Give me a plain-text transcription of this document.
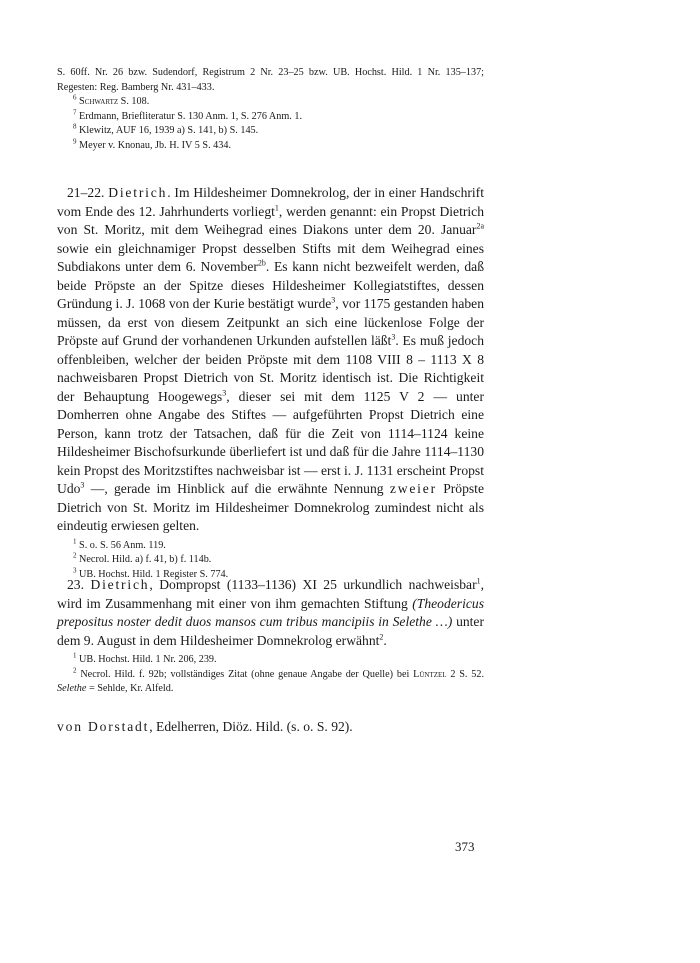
S. 60ff. Nr. 26 bzw. Sudendorf, Registrum 2 Nr. 23–25 bzw. UB. Hochst. Hild. 1 Nr. 135–137; Regesten: Reg. Bamberg Nr. 431–433.

$^6$ Schwartz S. 108.

$^7$ Erdmann, Briefliteratur S. 130 Anm. 1, S. 276 Anm. 1.

$^8$ Klewitz, AUF 16, 1939 a) S. 141, b) S. 145.

$^9$ Meyer v. Knonau, Jb. H. IV 5 S. 434.

21–22. Dietrich. Im Hildesheimer Domnekrolog, der in einer Handschrift vom Ende des 12. Jahrhunderts vorliegt$^1$, werden genannt: ein Propst Dietrich von St. Moritz, mit dem Weihegrad eines Diakons unter dem 20. Januar$^{2a}$ sowie ein gleichnamiger Propst desselben Stifts mit dem Weihegrad eines Subdiakons unter dem 6. November$^{2b}$. Es kann nicht bezweifelt werden, daß beide Pröpste an der Spitze dieses Hildesheimer Kollegiatstiftes, dessen Gründung i. J. 1068 von der Kurie bestätigt wurde$^3$, vor 1175 gestanden haben müssen, da erst von diesem Zeitpunkt an sich eine lückenlose Folge der Pröpste auf Grund der vorhandenen Urkunden aufstellen läßt$^3$. Es muß jedoch offenbleiben, welcher der beiden Pröpste mit dem 1108 VIII 8 – 1113 X 8 nachweisbaren Propst Dietrich von St. Moritz identisch ist. Die Richtigkeit der Behauptung Hoogewegs$^3$, dieser sei mit dem 1125 V 2 — unter Domherren ohne Angabe des Stiftes — aufgeführten Propst Dietrich eine Person, kann trotz der Tatsachen, daß für die Zeit von 1114–1124 keine Hildesheimer Bischofsurkunde überliefert ist und daß für die Jahre 1114–1130 kein Propst des Moritzstiftes nachweisbar ist — erst i. J. 1131 erscheint Propst Udo$^3$ —, gerade im Hinblick auf die erwähnte Nennung zweier Pröpste Dietrich von St. Moritz im Hildesheimer Domnekrolog zumindest nicht als eindeutig erwiesen gelten.

$^1$ S. o. S. 56 Anm. 119.

$^2$ Necrol. Hild. a) f. 41, b) f. 114b.

$^3$ UB. Hochst. Hild. 1 Register S. 774.

23. Dietrich, Dompropst (1133–1136) XI 25 urkundlich nachweisbar$^1$, wird im Zusammenhang mit einer von ihm gemachten Stiftung (Theodericus prepositus noster dedit duos mansos cum tribus mancipiis in Selethe …) unter dem 9. August in dem Hildesheimer Domnekrolog erwähnt$^2$.

$^1$ UB. Hochst. Hild. 1 Nr. 206, 239.

$^2$ Necrol. Hild. f. 92b; vollständiges Zitat (ohne genaue Angabe der Quelle) bei Lüntzel 2 S. 52. Selethe = Sehlde, Kr. Alfeld.

von Dorstadt, Edelherren, Diöz. Hild. (s. o. S. 92).

373
